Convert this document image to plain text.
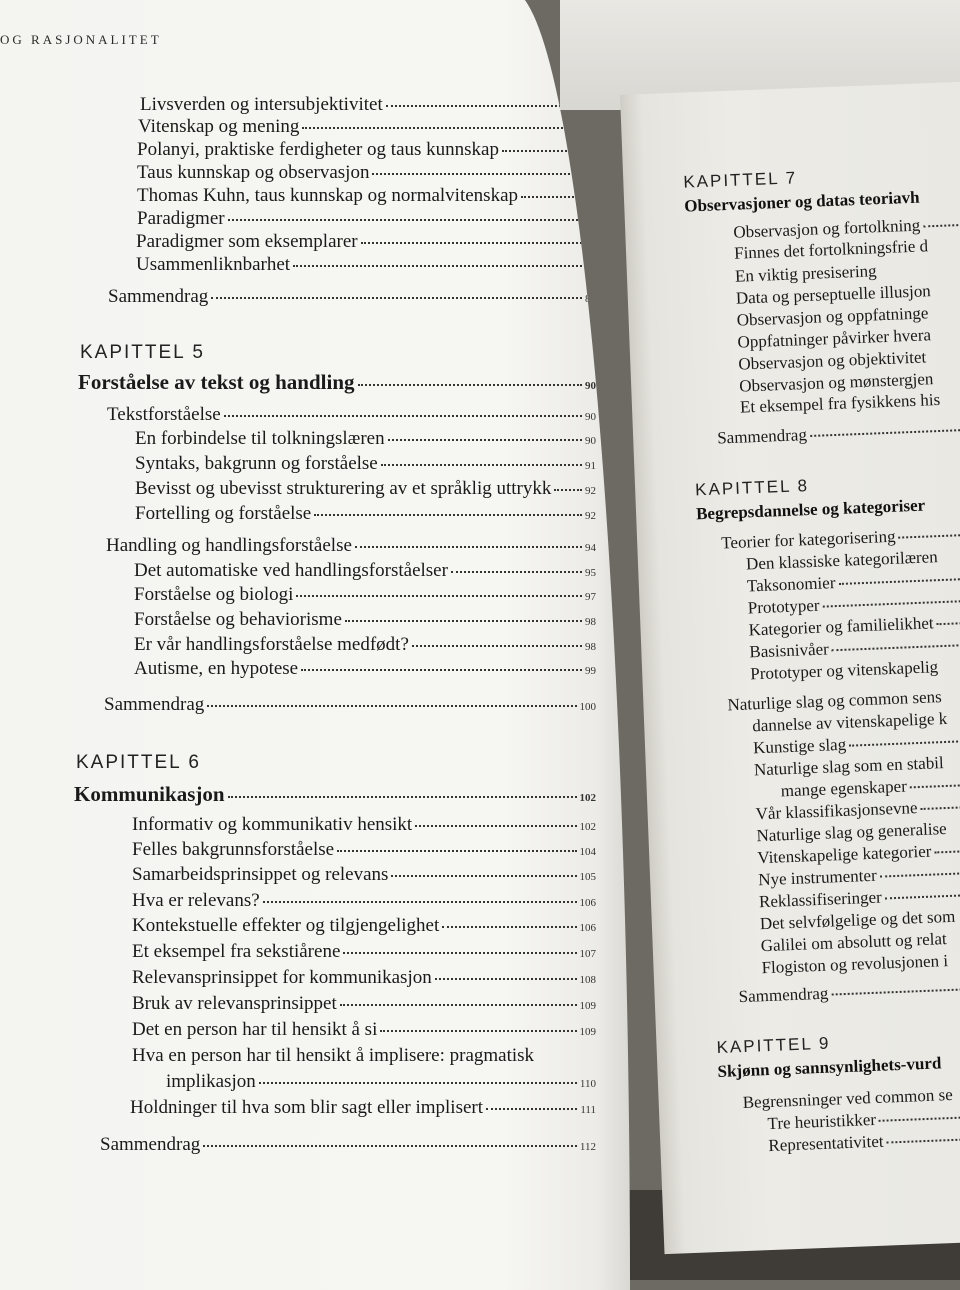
KAPITTEL 7
Observasjoner og datas teoriavh
Observasjon og fortolkning
Finnes det fortolkningsfrie d
En viktig presisering
Data og perseptuelle illusjon
Observasjon og oppfatninge
Oppfatninger påvirker hvera
Observasjon og objektivitet
Observasjon og mønstergjen
Et eksempel fra fysikkens his
Sammendrag
KAPITTEL 8
Begrepsdannelse og kategoriser
Teorier for kategorisering
Den klassiske kategorilæren
Taksonomier
Prototyper
Kategorier og familielikhet
Basisnivåer
Prototyper og vitenskapelig
Naturlige slag og common sens
dannelse av vitenskapelige k
Kunstige slag
Naturlige slag som en stabil
mange egenskaper
Vår klassifikasjonsevne
Naturlige slag og generalise
Vitenskapelige kategorier
Nye instrumenter
Reklassifiseringer
Det selvfølgelige og det som
Galilei om absolutt og relat
Flogiston og revolusjonen i
Sammendrag
KAPITTEL 9
Skjønn og sannsynlighets-vurd
Begrensninger ved common se
Tre heuristikker
Representativitet
OG RASJONALITET
Livsverden og intersubjektivitet	78
Vitenskap og mening	79
Polanyi, praktiske ferdigheter og taus kunnskap	80
Taus kunnskap og observasjon	82
Thomas Kuhn, taus kunnskap og normalvitenskap	83
Paradigmer	84
Paradigmer som eksemplarer	85
Usammenliknbarhet	88
Sammendrag	88
KAPITTEL 5
Forståelse av tekst og handling	90
Tekstforståelse	90
En forbindelse til tolkningslæren	90
Syntaks, bakgrunn og forståelse	91
Bevisst og ubevisst strukturering av et språklig uttrykk	92
Fortelling og forståelse	92
Handling og handlingsforståelse	94
Det automatiske ved handlingsforståelser	95
Forståelse og biologi	97
Forståelse og behaviorisme	98
Er vår handlingsforståelse medfødt?	98
Autisme, en hypotese	99
Sammendrag	100
KAPITTEL 6
Kommunikasjon	102
Informativ og kommunikativ hensikt	102
Felles bakgrunnsforståelse	104
Samarbeidsprinsippet og relevans	105
Hva er relevans?	106
Kontekstuelle effekter og tilgjengelighet	106
Et eksempel fra sekstiårene	107
Relevansprinsippet for kommunikasjon	108
Bruk av relevansprinsippet	109
Det en person har til hensikt å si	109
Hva en person har til hensikt å implisere: pragmatisk
implikasjon	110
Holdninger til hva som blir sagt eller implisert	111
Sammendrag	112
